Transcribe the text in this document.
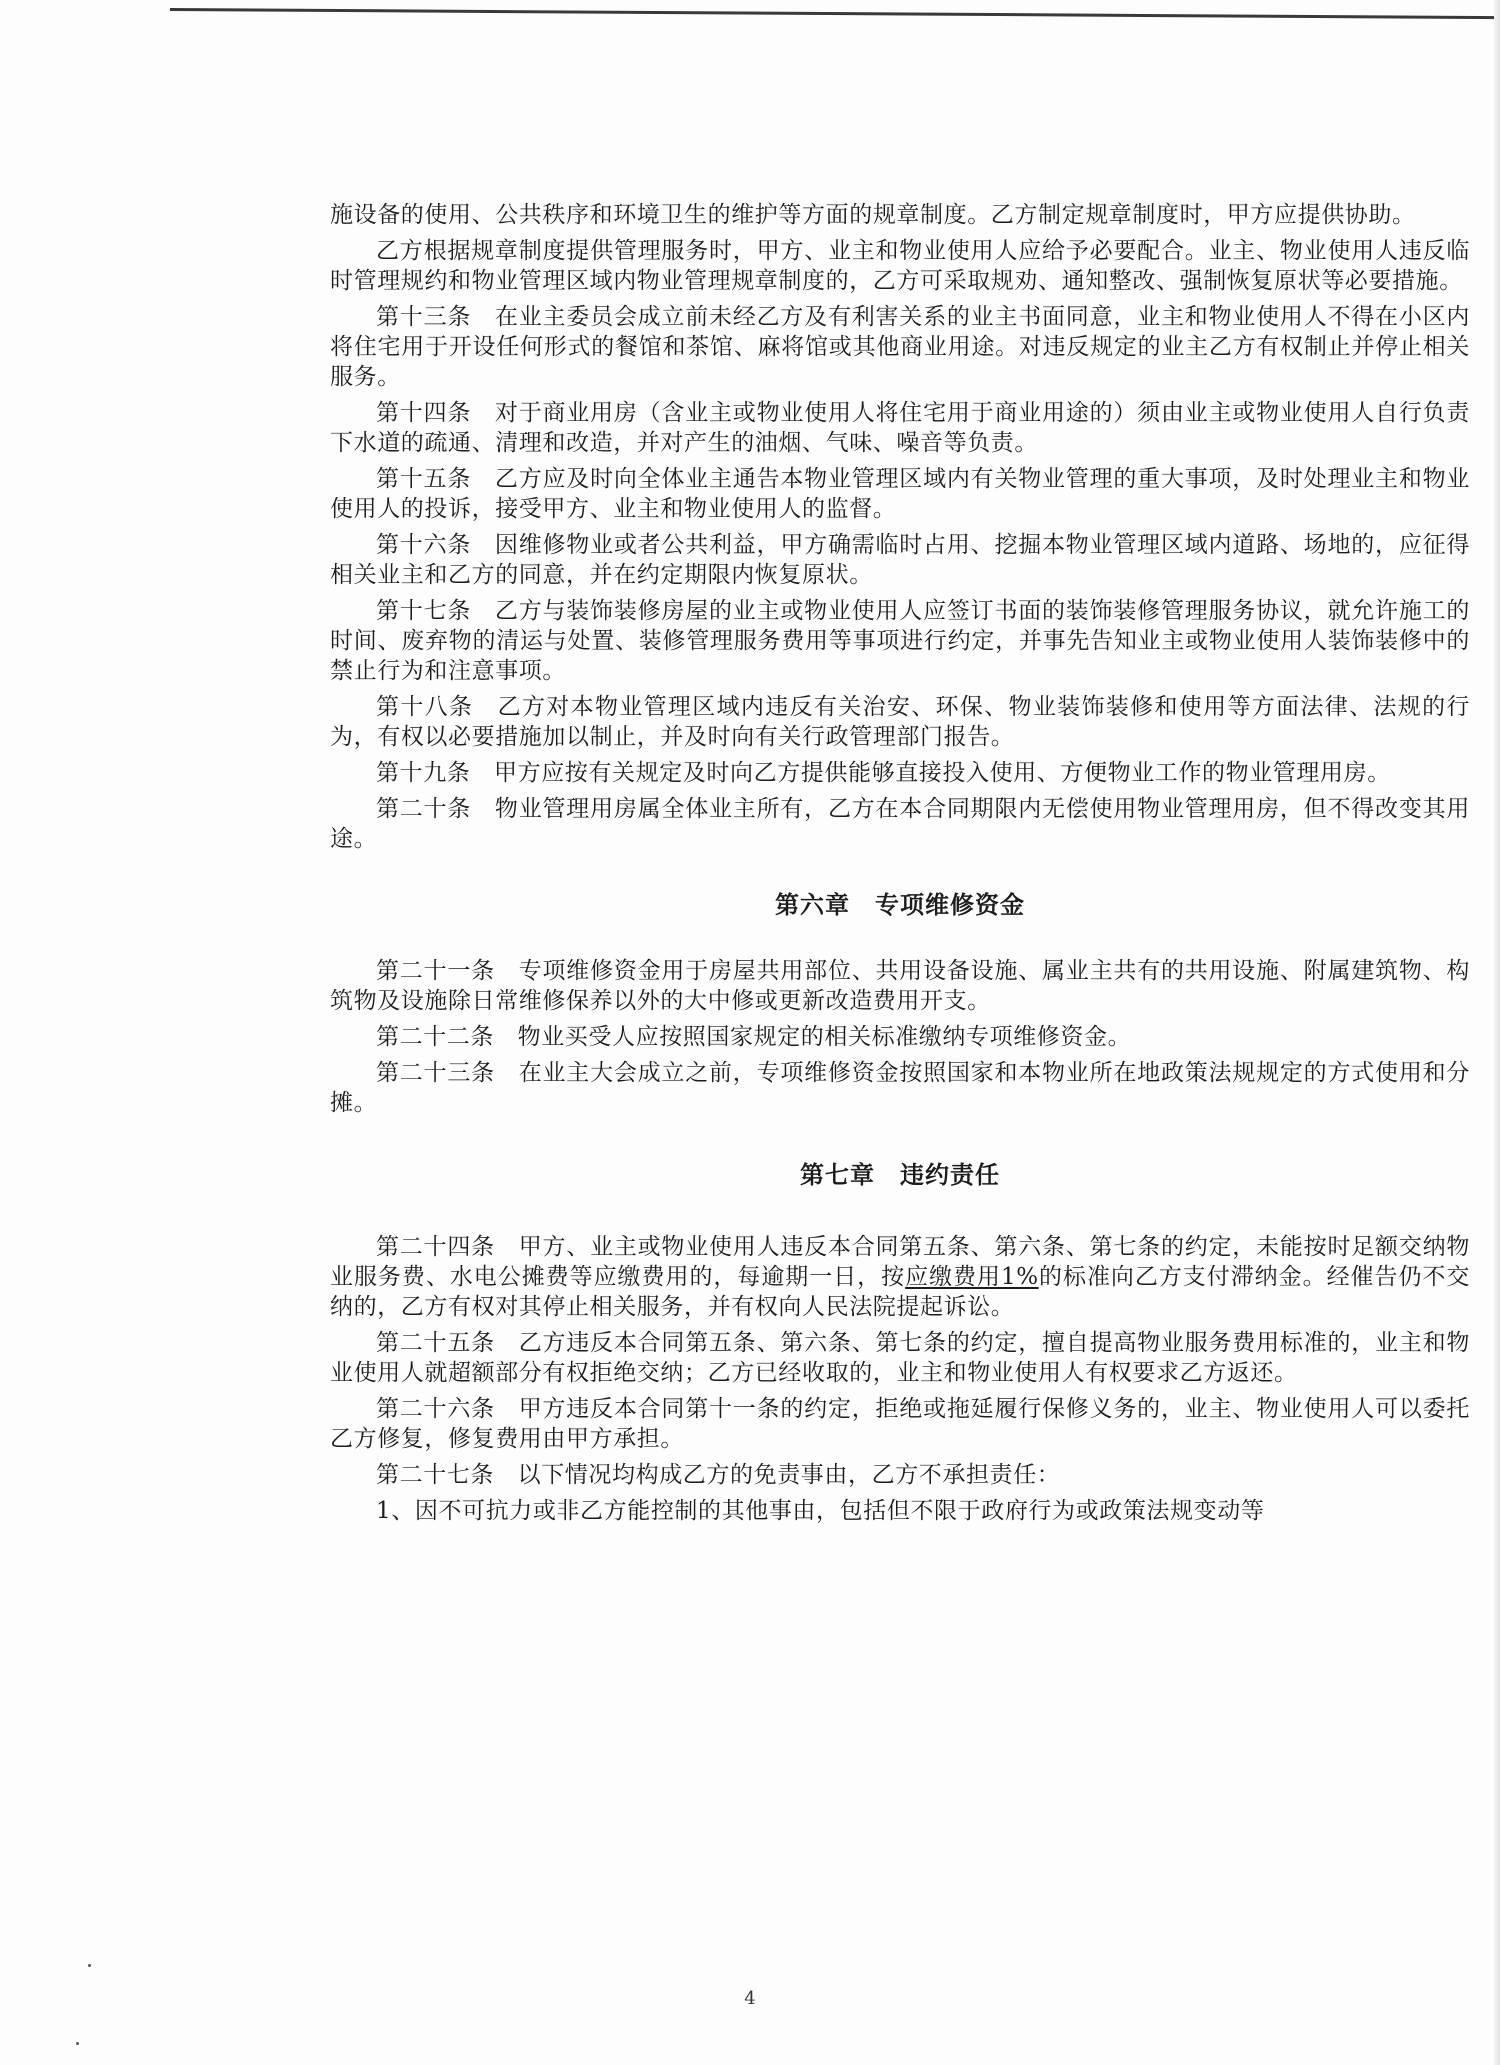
施设备的使用、公共秩序和环境卫生的维护等方面的规章制度。乙方制定规章制度时，甲方应提供协助。

乙方根据规章制度提供管理服务时，甲方、业主和物业使用人应给予必要配合。业主、物业使用人违反临时管理规约和物业管理区域内物业管理规章制度的，乙方可采取规劝、通知整改、强制恢复原状等必要措施。

第十三条　在业主委员会成立前未经乙方及有利害关系的业主书面同意，业主和物业使用人不得在小区内将住宅用于开设任何形式的餐馆和茶馆、麻将馆或其他商业用途。对违反规定的业主乙方有权制止并停止相关服务。

第十四条　对于商业用房（含业主或物业使用人将住宅用于商业用途的）须由业主或物业使用人自行负责下水道的疏通、清理和改造，并对产生的油烟、气味、噪音等负责。

第十五条　乙方应及时向全体业主通告本物业管理区域内有关物业管理的重大事项，及时处理业主和物业使用人的投诉，接受甲方、业主和物业使用人的监督。

第十六条　因维修物业或者公共利益，甲方确需临时占用、挖掘本物业管理区域内道路、场地的，应征得相关业主和乙方的同意，并在约定期限内恢复原状。

第十七条　乙方与装饰装修房屋的业主或物业使用人应签订书面的装饰装修管理服务协议，就允许施工的时间、废弃物的清运与处置、装修管理服务费用等事项进行约定，并事先告知业主或物业使用人装饰装修中的禁止行为和注意事项。

第十八条　乙方对本物业管理区域内违反有关治安、环保、物业装饰装修和使用等方面法律、法规的行为，有权以必要措施加以制止，并及时向有关行政管理部门报告。

第十九条　甲方应按有关规定及时向乙方提供能够直接投入使用、方便物业工作的物业管理用房。

第二十条　物业管理用房属全体业主所有，乙方在本合同期限内无偿使用物业管理用房，但不得改变其用途。

第六章　专项维修资金

第二十一条　专项维修资金用于房屋共用部位、共用设备设施、属业主共有的共用设施、附属建筑物、构筑物及设施除日常维修保养以外的大中修或更新改造费用开支。

第二十二条　物业买受人应按照国家规定的相关标准缴纳专项维修资金。

第二十三条　在业主大会成立之前，专项维修资金按照国家和本物业所在地政策法规规定的方式使用和分摊。

第七章　违约责任

第二十四条　甲方、业主或物业使用人违反本合同第五条、第六条、第七条的约定，未能按时足额交纳物业服务费、水电公摊费等应缴费用的，每逾期一日，按应缴费用1%的标准向乙方支付滞纳金。经催告仍不交纳的，乙方有权对其停止相关服务，并有权向人民法院提起诉讼。

第二十五条　乙方违反本合同第五条、第六条、第七条的约定，擅自提高物业服务费用标准的，业主和物业使用人就超额部分有权拒绝交纳；乙方已经收取的，业主和物业使用人有权要求乙方返还。

第二十六条　甲方违反本合同第十一条的约定，拒绝或拖延履行保修义务的，业主、物业使用人可以委托乙方修复，修复费用由甲方承担。

第二十七条　以下情况均构成乙方的免责事由，乙方不承担责任：

1、因不可抗力或非乙方能控制的其他事由，包括但不限于政府行为或政策法规变动等

4
